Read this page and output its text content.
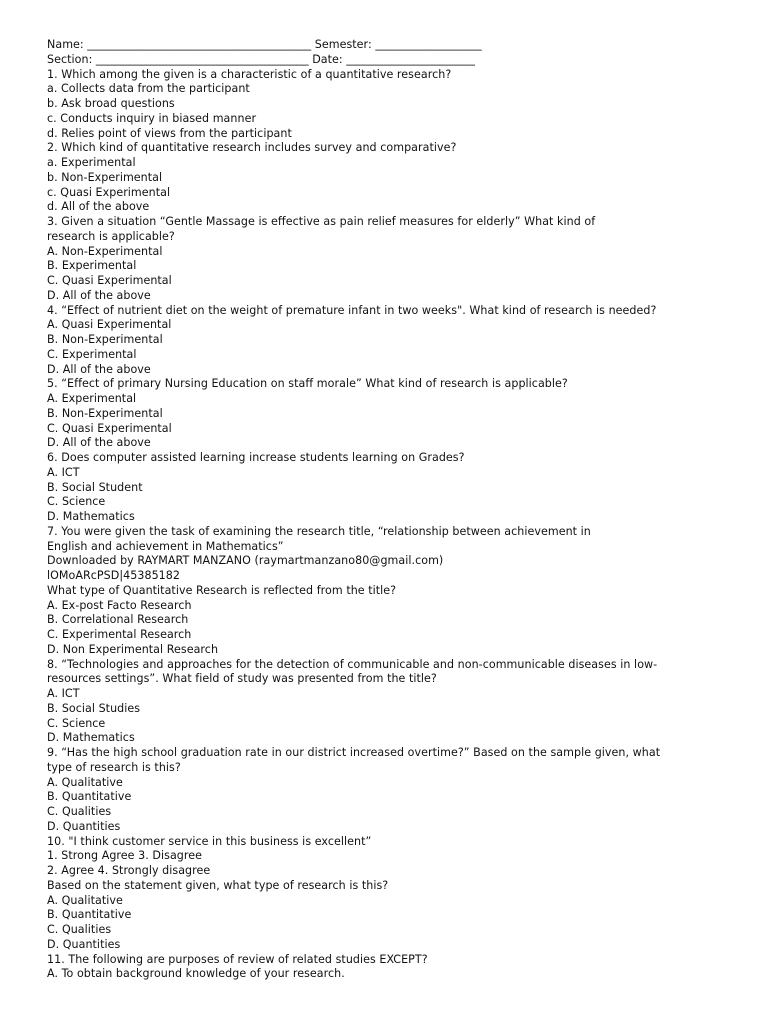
Name: ________________________________________ Semester: ___________________
Section: ______________________________________ Date: _______________________
1. Which among the given is a characteristic of a quantitative research?
a. Collects data from the participant
b. Ask broad questions
c. Conducts inquiry in biased manner
d. Relies point of views from the participant
2. Which kind of quantitative research includes survey and comparative?
a. Experimental
b. Non-Experimental
c. Quasi Experimental
d. All of the above
3. Given a situation “Gentle Massage is effective as pain relief measures for elderly” What kind of
research is applicable?
A. Non-Experimental
B. Experimental
C. Quasi Experimental
D. All of the above
4. “Effect of nutrient diet on the weight of premature infant in two weeks". What kind of research is needed?
A. Quasi Experimental
B. Non-Experimental
C. Experimental
D. All of the above
5. “Effect of primary Nursing Education on staff morale” What kind of research is applicable?
A. Experimental
B. Non-Experimental
C. Quasi Experimental
D. All of the above
6. Does computer assisted learning increase students learning on Grades?
A. ICT
B. Social Student
C. Science
D. Mathematics
7. You were given the task of examining the research title, “relationship between achievement in
English and achievement in Mathematics”
Downloaded by RAYMART MANZANO (raymartmanzano80@gmail.com)
lOMoARcPSD|45385182
What type of Quantitative Research is reflected from the title?
A. Ex-post Facto Research
B. Correlational Research
C. Experimental Research
D. Non Experimental Research
8. “Technologies and approaches for the detection of communicable and non-communicable diseases in low-
resources settings”. What field of study was presented from the title?
A. ICT
B. Social Studies
C. Science
D. Mathematics
9. “Has the high school graduation rate in our district increased overtime?” Based on the sample given, what
type of research is this?
A. Qualitative
B. Quantitative
C. Qualities
D. Quantities
10. "I think customer service in this business is excellent”
1. Strong Agree 3. Disagree
2. Agree 4. Strongly disagree
Based on the statement given, what type of research is this?
A. Qualitative
B. Quantitative
C. Qualities
D. Quantities
11. The following are purposes of review of related studies EXCEPT?
A. To obtain background knowledge of your research.
